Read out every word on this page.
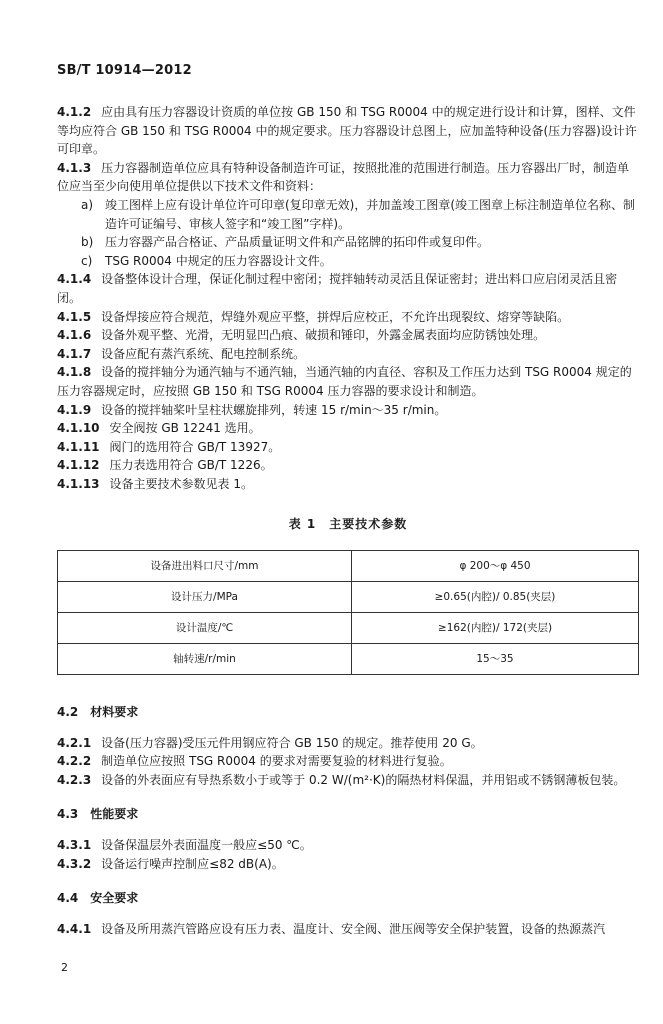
SB/T 10914—2012

4.1.2 应由具有压力容器设计资质的单位按 GB 150 和 TSG R0004 中的规定进行设计和计算，图样、文件等均应符合 GB 150 和 TSG R0004 中的规定要求。压力容器设计总图上，应加盖特种设备(压力容器)设计许可印章。

4.1.3 压力容器制造单位应具有特种设备制造许可证，按照批准的范围进行制造。压力容器出厂时，制造单位应当至少向使用单位提供以下技术文件和资料：

a) 竣工图样上应有设计单位许可印章(复印章无效)，并加盖竣工图章(竣工图章上标注制造单位名称、制造许可证编号、审核人签字和“竣工图”字样)。

b) 压力容器产品合格证、产品质量证明文件和产品铭牌的拓印件或复印件。

c) TSG R0004 中规定的压力容器设计文件。

4.1.4 设备整体设计合理，保证化制过程中密闭；搅拌轴转动灵活且保证密封；进出料口应启闭灵活且密闭。

4.1.5 设备焊接应符合规范，焊缝外观应平整，拼焊后应校正，不允许出现裂纹、熔穿等缺陷。

4.1.6 设备外观平整、光滑，无明显凹凸痕、破损和锤印，外露金属表面均应防锈蚀处理。

4.1.7 设备应配有蒸汽系统、配电控制系统。

4.1.8 设备的搅拌轴分为通汽轴与不通汽轴，当通汽轴的内直径、容积及工作压力达到 TSG R0004 规定的压力容器规定时，应按照 GB 150 和 TSG R0004 压力容器的要求设计和制造。

4.1.9 设备的搅拌轴桨叶呈柱状螺旋排列，转速 15 r/min～35 r/min。

4.1.10 安全阀按 GB 12241 选用。

4.1.11 阀门的选用符合 GB/T 13927。

4.1.12 压力表选用符合 GB/T 1226。

4.1.13 设备主要技术参数见表 1。

表 1　主要技术参数
设备进出料口尺寸/mm	φ 200～φ 450
设计压力/MPa	≥0.65(内腔)/ 0.85(夹层)
设计温度/℃	≥162(内腔)/ 172(夹层)
轴转速/r/min	15～35
4.2 材料要求

4.2.1 设备(压力容器)受压元件用钢应符合 GB 150 的规定。推荐使用 20 G。

4.2.2 制造单位应按照 TSG R0004 的要求对需要复验的材料进行复验。

4.2.3 设备的外表面应有导热系数小于或等于 0.2 W/(m²·K)的隔热材料保温，并用铝或不锈钢薄板包装。

4.3 性能要求

4.3.1 设备保温层外表面温度一般应≤50 ℃。

4.3.2 设备运行噪声控制应≤82 dB(A)。

4.4 安全要求

4.4.1 设备及所用蒸汽管路应设有压力表、温度计、安全阀、泄压阀等安全保护装置，设备的热源蒸汽

2
